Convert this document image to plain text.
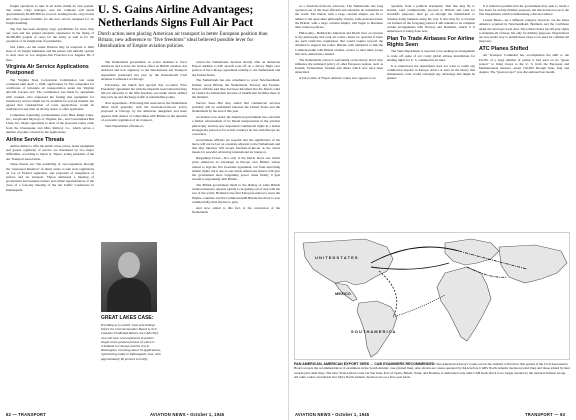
freight operations to take in all states within its own system. San Grant, cargo manager, says his company will spend approximately $2,000,000 for tractors, loading trucks, cargo hoists and other ground facilities for the new service designed for air freight handling.

The line has been studying cargo possibilities for more than one year and has gained extensive experience in the flying of 42,000,000 pounds of cargo for the Army as well as for the operation of its freight plan of perishables.

Slot Limit—At the outset Western may be expected to limit sizes of air freight shipments and the planes will initially operate to such rates as Los Angeles-San Francisco-Los Angeles DC-3 fleet.

Virginia Air Service Applications Postponed

The Virginia State Corporation Commission last week continued until April 1, 1946, applications by five companies for certificates of intrastate air transportation under the Virginia Aircraft Carriers Act. The continuance was made by agreement with counsel, who expressed the feeling that equipment for satisfactory service might not be available for several months, but agreed that consideration of route applications would be celebrated at any time on 20-day notice to other applicants.

Companies requesting postponement were Blue Ridge Lines, Inc.; Greyhound Skyways of Virginia, Inc., and Consolidated Bus Lines, Inc. Major opposition to most of the proposed routes came from the Chesapeake and Ohio Railway Co., which serves a number of points covered by the applications.

Airline Service Threats

Airline ability to offer the public lower prices, better equipment and greater regularity of service are threatened by two major difficulties, according to Stuart G. Tipton, acting president of the Air Transport Association.

These threats are: The possibility of over-regulation through the "expressed intention" of many states to take state regulations on top of Federal regulation, and proposals of integration of surface and air transport. Tipton addressed a meeting of government and business leaders and airline representatives at the close of a four-day meeting of the Air Traffic Conference in Indianapolis.

U. S. Gains Airline Advantages; Netherlands Signs Full Air Pact
Dutch action seen placing American air transport in better European position than Britain; new adherence to "five freedoms" ideal believed possible lever for liberalization of Empire aviation policies.

The Netherlands government, in action destined to favor American and to have the reverse effect on British aviation, has endorsed and now signatory to the International Air Transport Agreement predicated last year by the International Civil Aviation Conference at Chicago.

Previously, the Dutch had rejected this so-called "Five Freedoms" agreement but with the impartial reservation that they did not subscribe to the fifth freedom, one under which airlines may pick up and discharge traffic at intermediate points.

New Agreement—Following this reservation, the Netherlands allied itself generally with the freedom-of-the-air policy proposed at Chicago by the American delegation and there appears little chance of compromise with Britain on the question of economic regulation of air transport.

State Department officials re-

GREAT LAKES CASE:
Presiding at so-called "area proceedings before the Civil Aeronautics Board is civil examiner Ferdinand Moran, the CAB chief, who will hear oral arguments at greater length at the greatest portion of which is scheduled in Chicago and the rest in Washington, involving about 70 applications, representing today in Indianapolis, Ind., with approximately 60 persons to testify.

ceived the Netherlands decision shortly after an American Export Airlines C-54E aircraft took off on a survey flight over portion of the Chicago agreement relating to the Netherlands and the United States.

The Netherlands has also scheduled to cover Newfoundland, Ireland, Great Britain, the Netherlands, Norway and Sweden. Export officials said they had been informed that the Dutch could be visited via Amsterdam because of insufficient facilities there at the moment.

Service Seen—But they added that commercial services probably will be established between the United States and the Netherlands by the end of this year.

As matters now stand, the American government has conceded a further advancement of its liberal interpretation in the aviation philosophy and has now negotiated commercial rights in a nation strategically placed as far as this country's air ties with Europe are concerned.

Government officials are hopeful that the significance of the move will not be lost on countries adjacent to the Netherlands and that they likewise will accept freedom-of-the-air as the surest means for peaceful advancing international air transport.

Bargaining Power—Not only is the Dutch move one which gives American an advantage in Europe over Britain, whose refusal to sign the five freedoms agreement, but from exercising similar rights, but it also is one which Americans believe will give the government more bargaining power when finally it gets around to negotiating with Britain.

The British government much to the dismay of some British aviation interests, appears rapidly to be getting out of step with the rest of the world. Holland is the first European nation to leave the Empire countries and the Commonwealth Britain has more to lose commercially, than she has to gain.

And now, added to this fact, is the conversion of the Netherlands

62 — TRANSPORT	AVIATION NEWS • October 1, 1945

as a freedom-of-the-air advocate. The Netherlands has long operated one of the most efficient and extensive air businesses in the world. The Dutch, with a large colonial empire, see fit to adhere to the open skies philosophy; maybe, some persons reason, the British, with a large colonial empire, will begin to liberalize their aviation policies.

Philosophy—Behind the American and Dutch view on aviation is the philosophy that long air routes cannot be operated if there are such restrictive regulations that would require beyond the obtained to support the routes. Britain, with ambitions to link the Commonwealth with British airlines, sooner or later must accept this view, Americans contend.

The Netherlands' action is welcoming on the theory that it may influence the unilateral policy of other European nations, such as Ireland, Switzerland, Sweden and others which now have been undecided.

A fair portion of Export Airlines' routes now appears to be

operable, from a political standpoint. That line may fly to Ireland, land commercially, proceed to Britain and land for nontraffic purposes, then go on through the Netherlands to Sweden doing business along the way. It also may fly to Sweden via Iceland. In the foregoing pattern it still remains to be complete certain arrangements with Norway and Denmark, which, it is understood, is being done now.

Plan To Trade Airbases For Airline Rights Seen

The State Department is reported to be seeking an arrangement to trade off some of our costly global airbase installations for landing rights for U. S. commercial air lines.

It is understood the department does not want to retain any commercial airports in Europe, Africa or Asia on the theory that maintenance costs would outweigh any advantage that might be gained.

It is believed possible that the government may seek to retain a few bases for strictly military purposes, but this decision is up to the War Department which is maintaining a discreet silence.

Leased Bases—As a different category, however, are the bases America acquired in Newfoundland, Bermuda and the Caribbean under the destroyer trade deal. The United States has 99-year rights to maintain all of these, but only for military purposes. Negotiations are now under way to permit these bases to be used for commercial purposes.

ATC Planes Shifted

Air Transport Command has accomplished the shift to the Pacific of a large number of planes it had used on its "green project" to bring troops to the U. S. from the European and Mediterranean theaters—about 150,000 through June, July and August. The "green project" was discontinued last month.

AVIATION NEWS • October 1, 1945	TRANSPORT — 63
U N I T E D S T A T E S
MEXICO
S O U T H A M E R I C A
PAN AMERICAN, AMERICAN EXPORT SEEK ... CAB EXAMINERS RECOMMENDED: Pan American Airways' routes across the Atlantic will follow this pattern if the Civil Aeronautics Board accepts the recommendation of examiners in the South Atlantic case (dotted line). Also shown are routes operated by PAA before CAB's North Atlantic decision (solid line) and those added by later awards (dot-dash line). The New York-Lisbon route via San Juan, Port of Spain, Belem, Natal, and Bolama, is authorized only until CAB finds that it is no longer needed by the national defense set-up. All other routes awarded in last July's North Atlantic decision are on a five-year basis.
